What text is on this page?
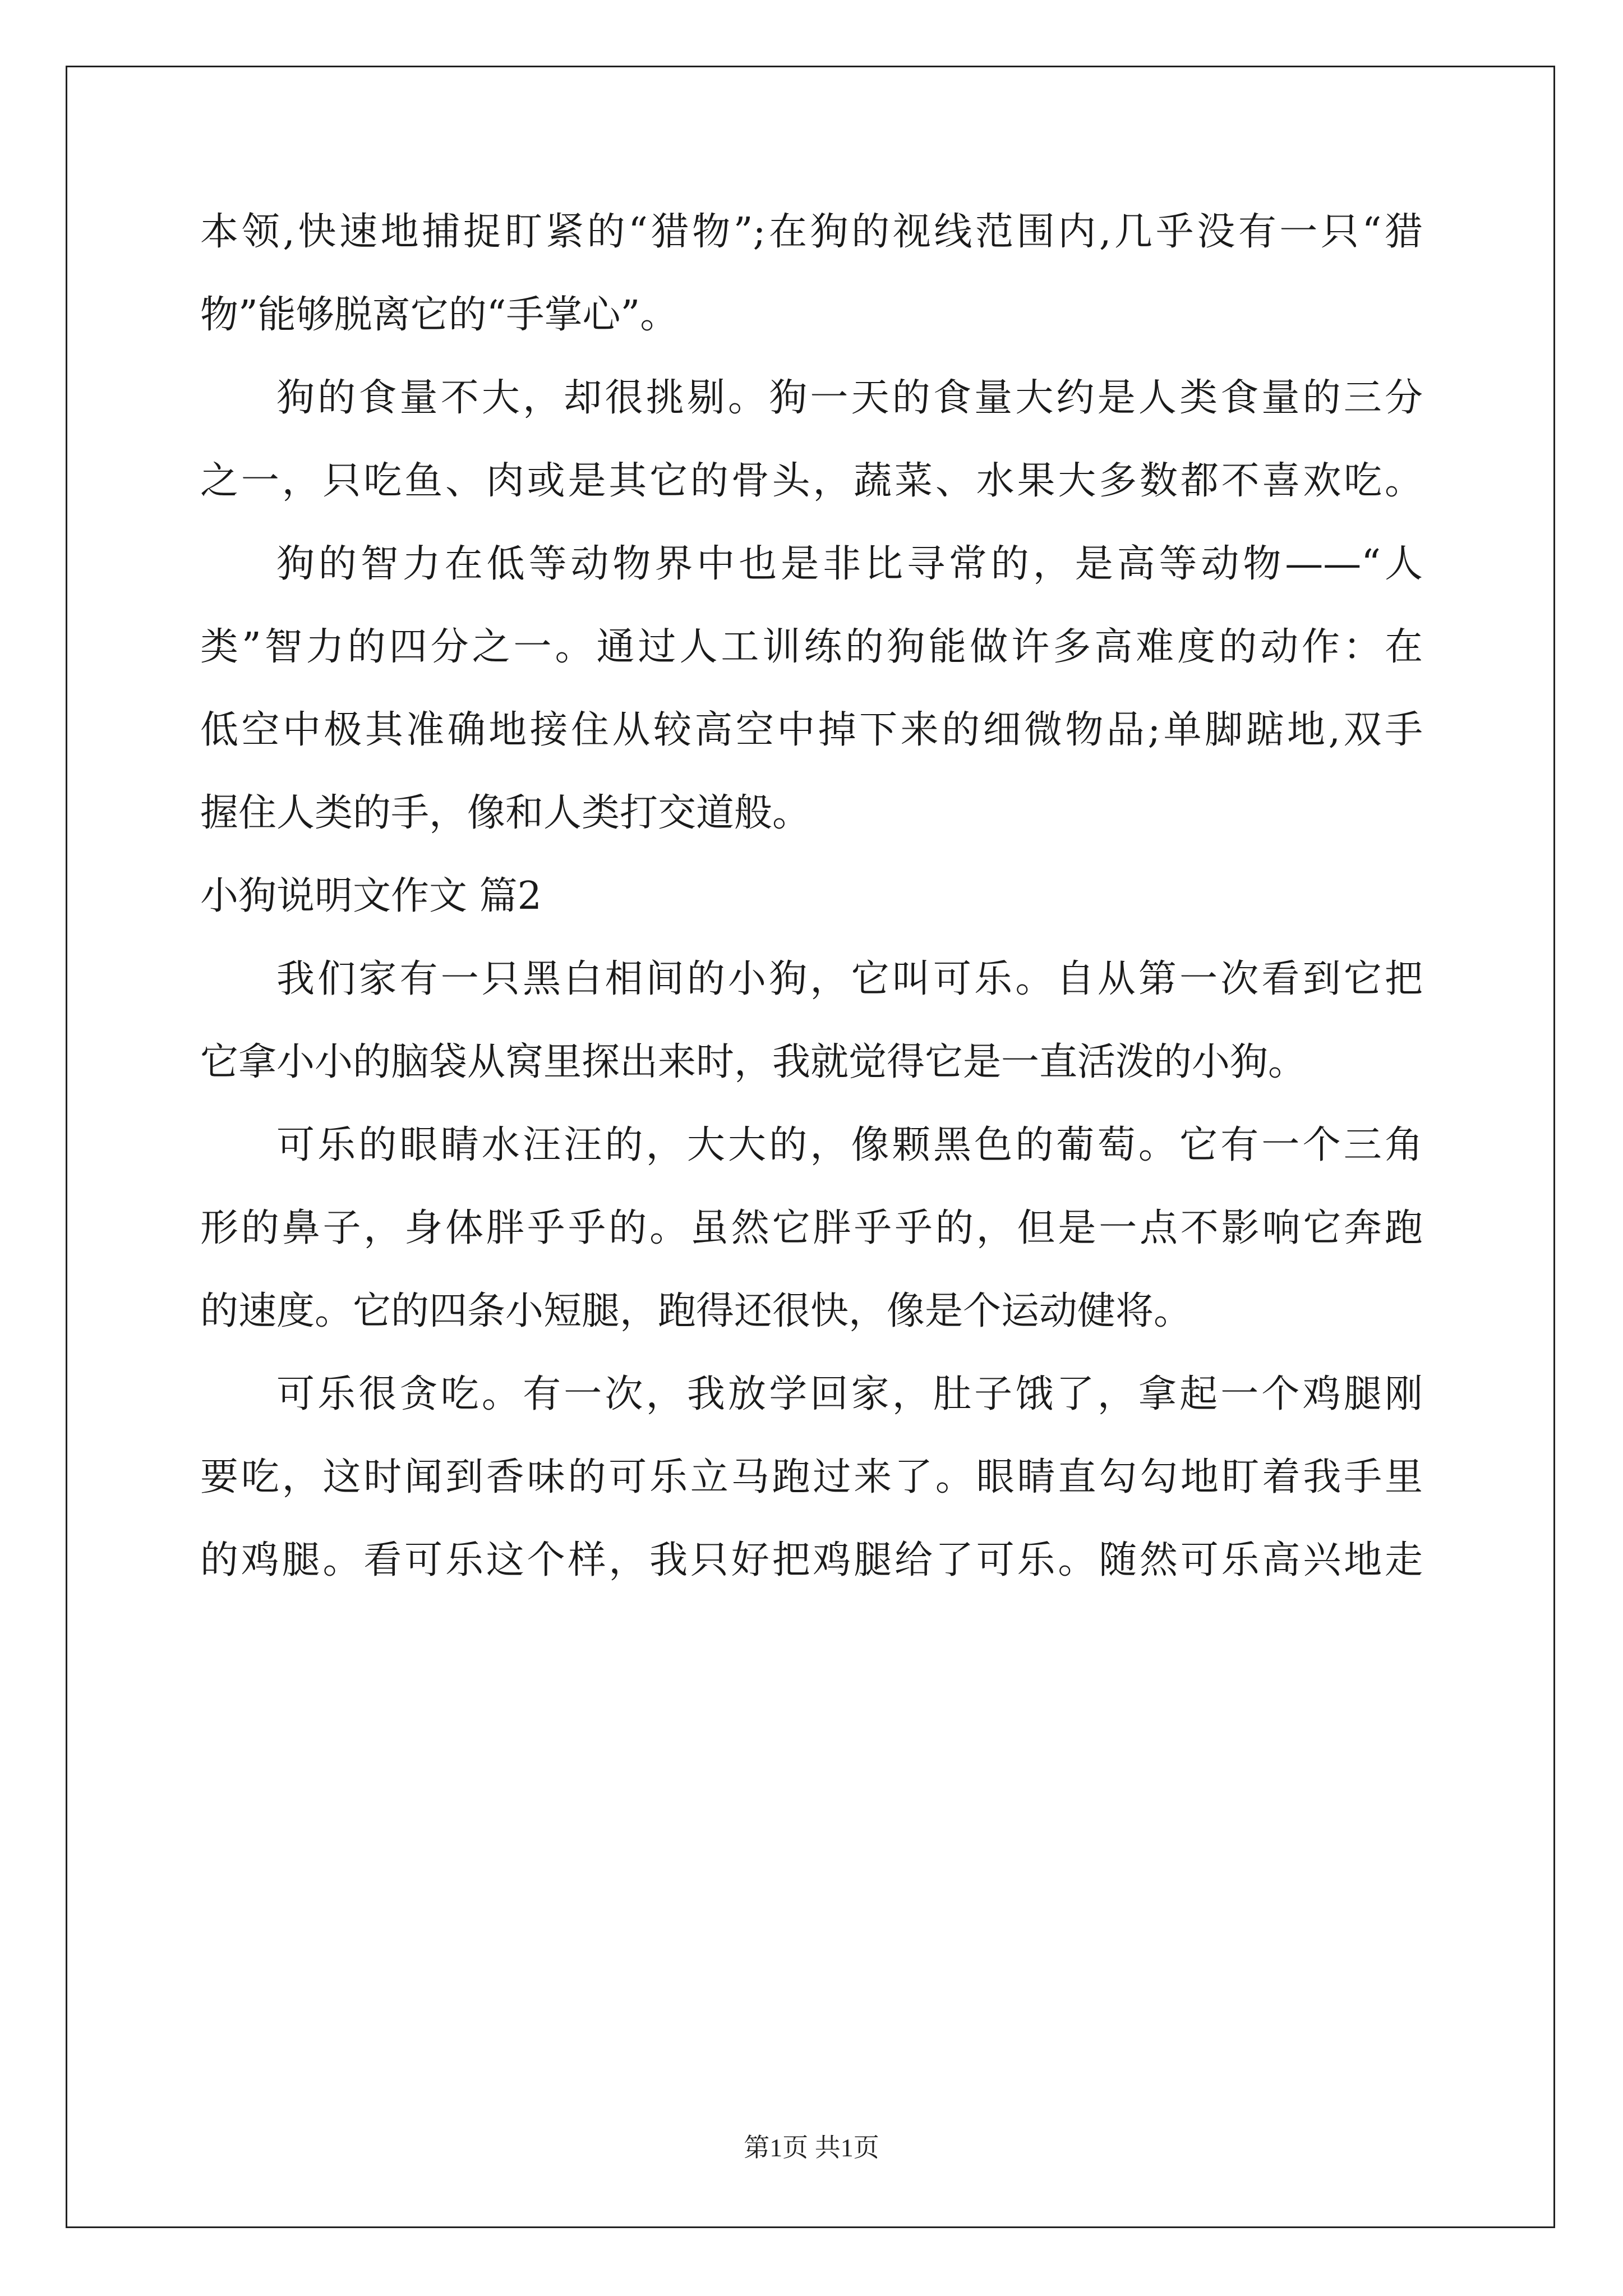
本领,快速地捕捉盯紧的“猎物”;在狗的视线范围内,几乎没有一只“猎
物”能够脱离它的“手掌心”。
狗的食量不大，却很挑剔。狗一天的食量大约是人类食量的三分
之一，只吃鱼、肉或是其它的骨头，蔬菜、水果大多数都不喜欢吃。
狗的智力在低等动物界中也是非比寻常的，是高等动物——“人
类”智力的四分之一。通过人工训练的狗能做许多高难度的动作：在
低空中极其准确地接住从较高空中掉下来的细微物品;单脚踮地,双手
握住人类的手，像和人类打交道般。
小狗说明文作文 篇2
我们家有一只黑白相间的小狗，它叫可乐。自从第一次看到它把
它拿小小的脑袋从窝里探出来时，我就觉得它是一直活泼的小狗。
可乐的眼睛水汪汪的，大大的，像颗黑色的葡萄。它有一个三角
形的鼻子，身体胖乎乎的。虽然它胖乎乎的，但是一点不影响它奔跑
的速度。它的四条小短腿，跑得还很快，像是个运动健将。
可乐很贪吃。有一次，我放学回家，肚子饿了，拿起一个鸡腿刚
要吃，这时闻到香味的可乐立马跑过来了。眼睛直勾勾地盯着我手里
的鸡腿。看可乐这个样，我只好把鸡腿给了可乐。随然可乐高兴地走
第1页 共1页
